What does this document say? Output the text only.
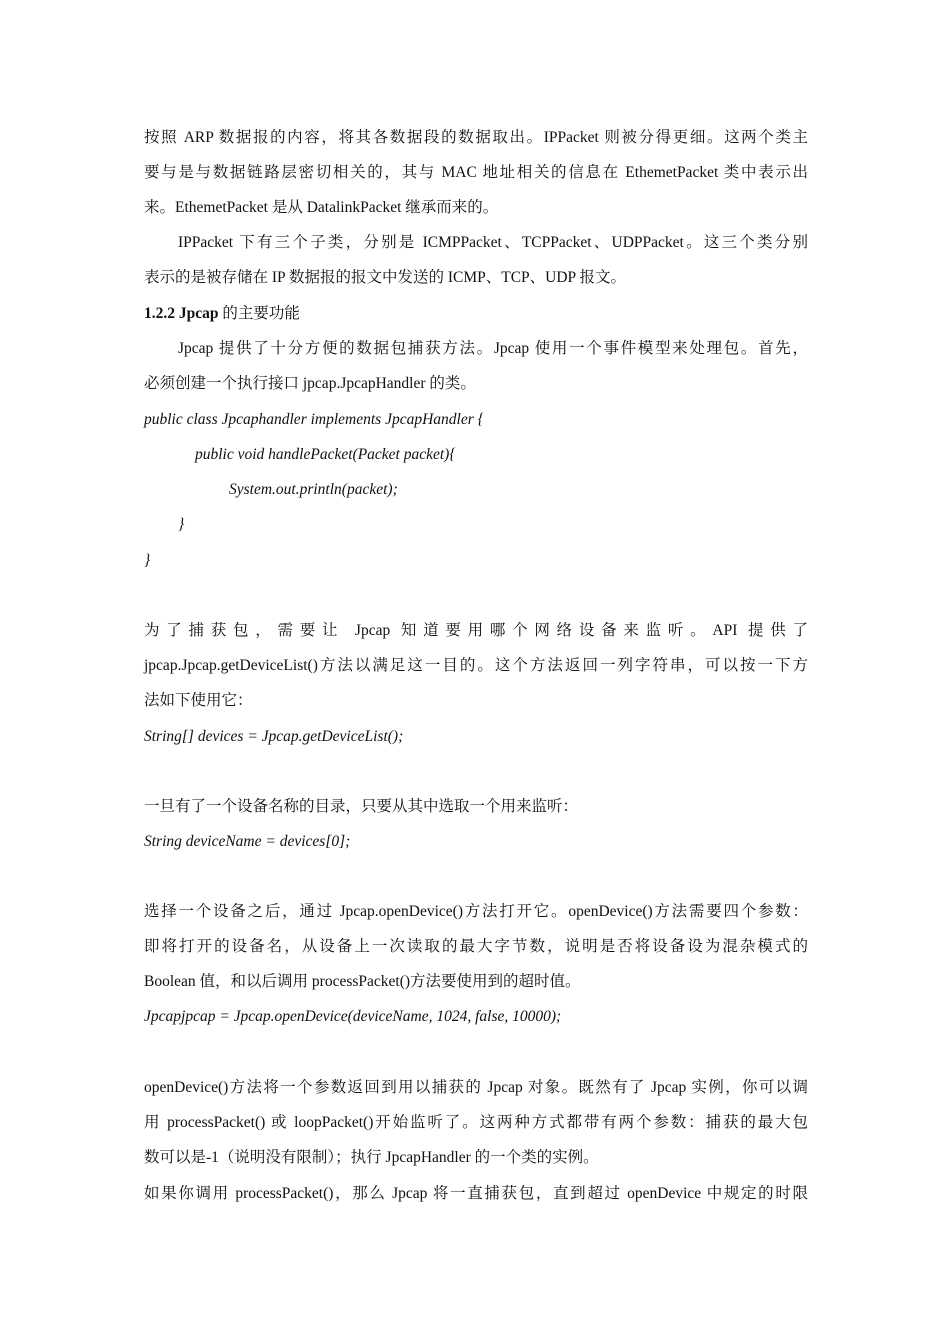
按照 ARP 数据报的内容，将其各数据段的数据取出。IPPacket 则被分得更细。这两个类主
要与是与数据链路层密切相关的，其与 MAC 地址相关的信息在 EthemetPacket 类中表示出
来。EthemetPacket 是从 DatalinkPacket 继承而来的。
IPPacket 下有三个子类，分别是 ICMPPacket、TCPPacket、UDPPacket。这三个类分别
表示的是被存储在 IP 数据报的报文中发送的 ICMP、TCP、UDP 报文。
1.2.2 Jpcap 的主要功能
Jpcap 提供了十分方便的数据包捕获方法。Jpcap 使用一个事件模型来处理包。首先，
必须创建一个执行接口 jpcap.JpcapHandler 的类。
public class Jpcaphandler implements JpcapHandler {
public void handlePacket(Packet packet){
System.out.println(packet);
}
}
为了捕获包，需要让 Jpcap 知道要用哪个网络设备来监听。API 提供了
jpcap.Jpcap.getDeviceList()方法以满足这一目的。这个方法返回一列字符串，可以按一下方
法如下使用它：
String[] devices = Jpcap.getDeviceList();
一旦有了一个设备名称的目录，只要从其中选取一个用来监听：
String deviceName = devices[0];
选择一个设备之后，通过 Jpcap.openDevice()方法打开它。openDevice()方法需要四个参数：
即将打开的设备名，从设备上一次读取的最大字节数，说明是否将设备设为混杂模式的
Boolean 值，和以后调用 processPacket()方法要使用到的超时值。
Jpcapjpcap = Jpcap.openDevice(deviceName, 1024, false, 10000);
openDevice()方法将一个参数返回到用以捕获的 Jpcap 对象。既然有了 Jpcap 实例，你可以调
用 processPacket() 或 loopPacket()开始监听了。这两种方式都带有两个参数：捕获的最大包
数可以是-1（说明没有限制）；执行 JpcapHandler 的一个类的实例。
如果你调用 processPacket()，那么 Jpcap 将一直捕获包，直到超过 openDevice 中规定的时限
